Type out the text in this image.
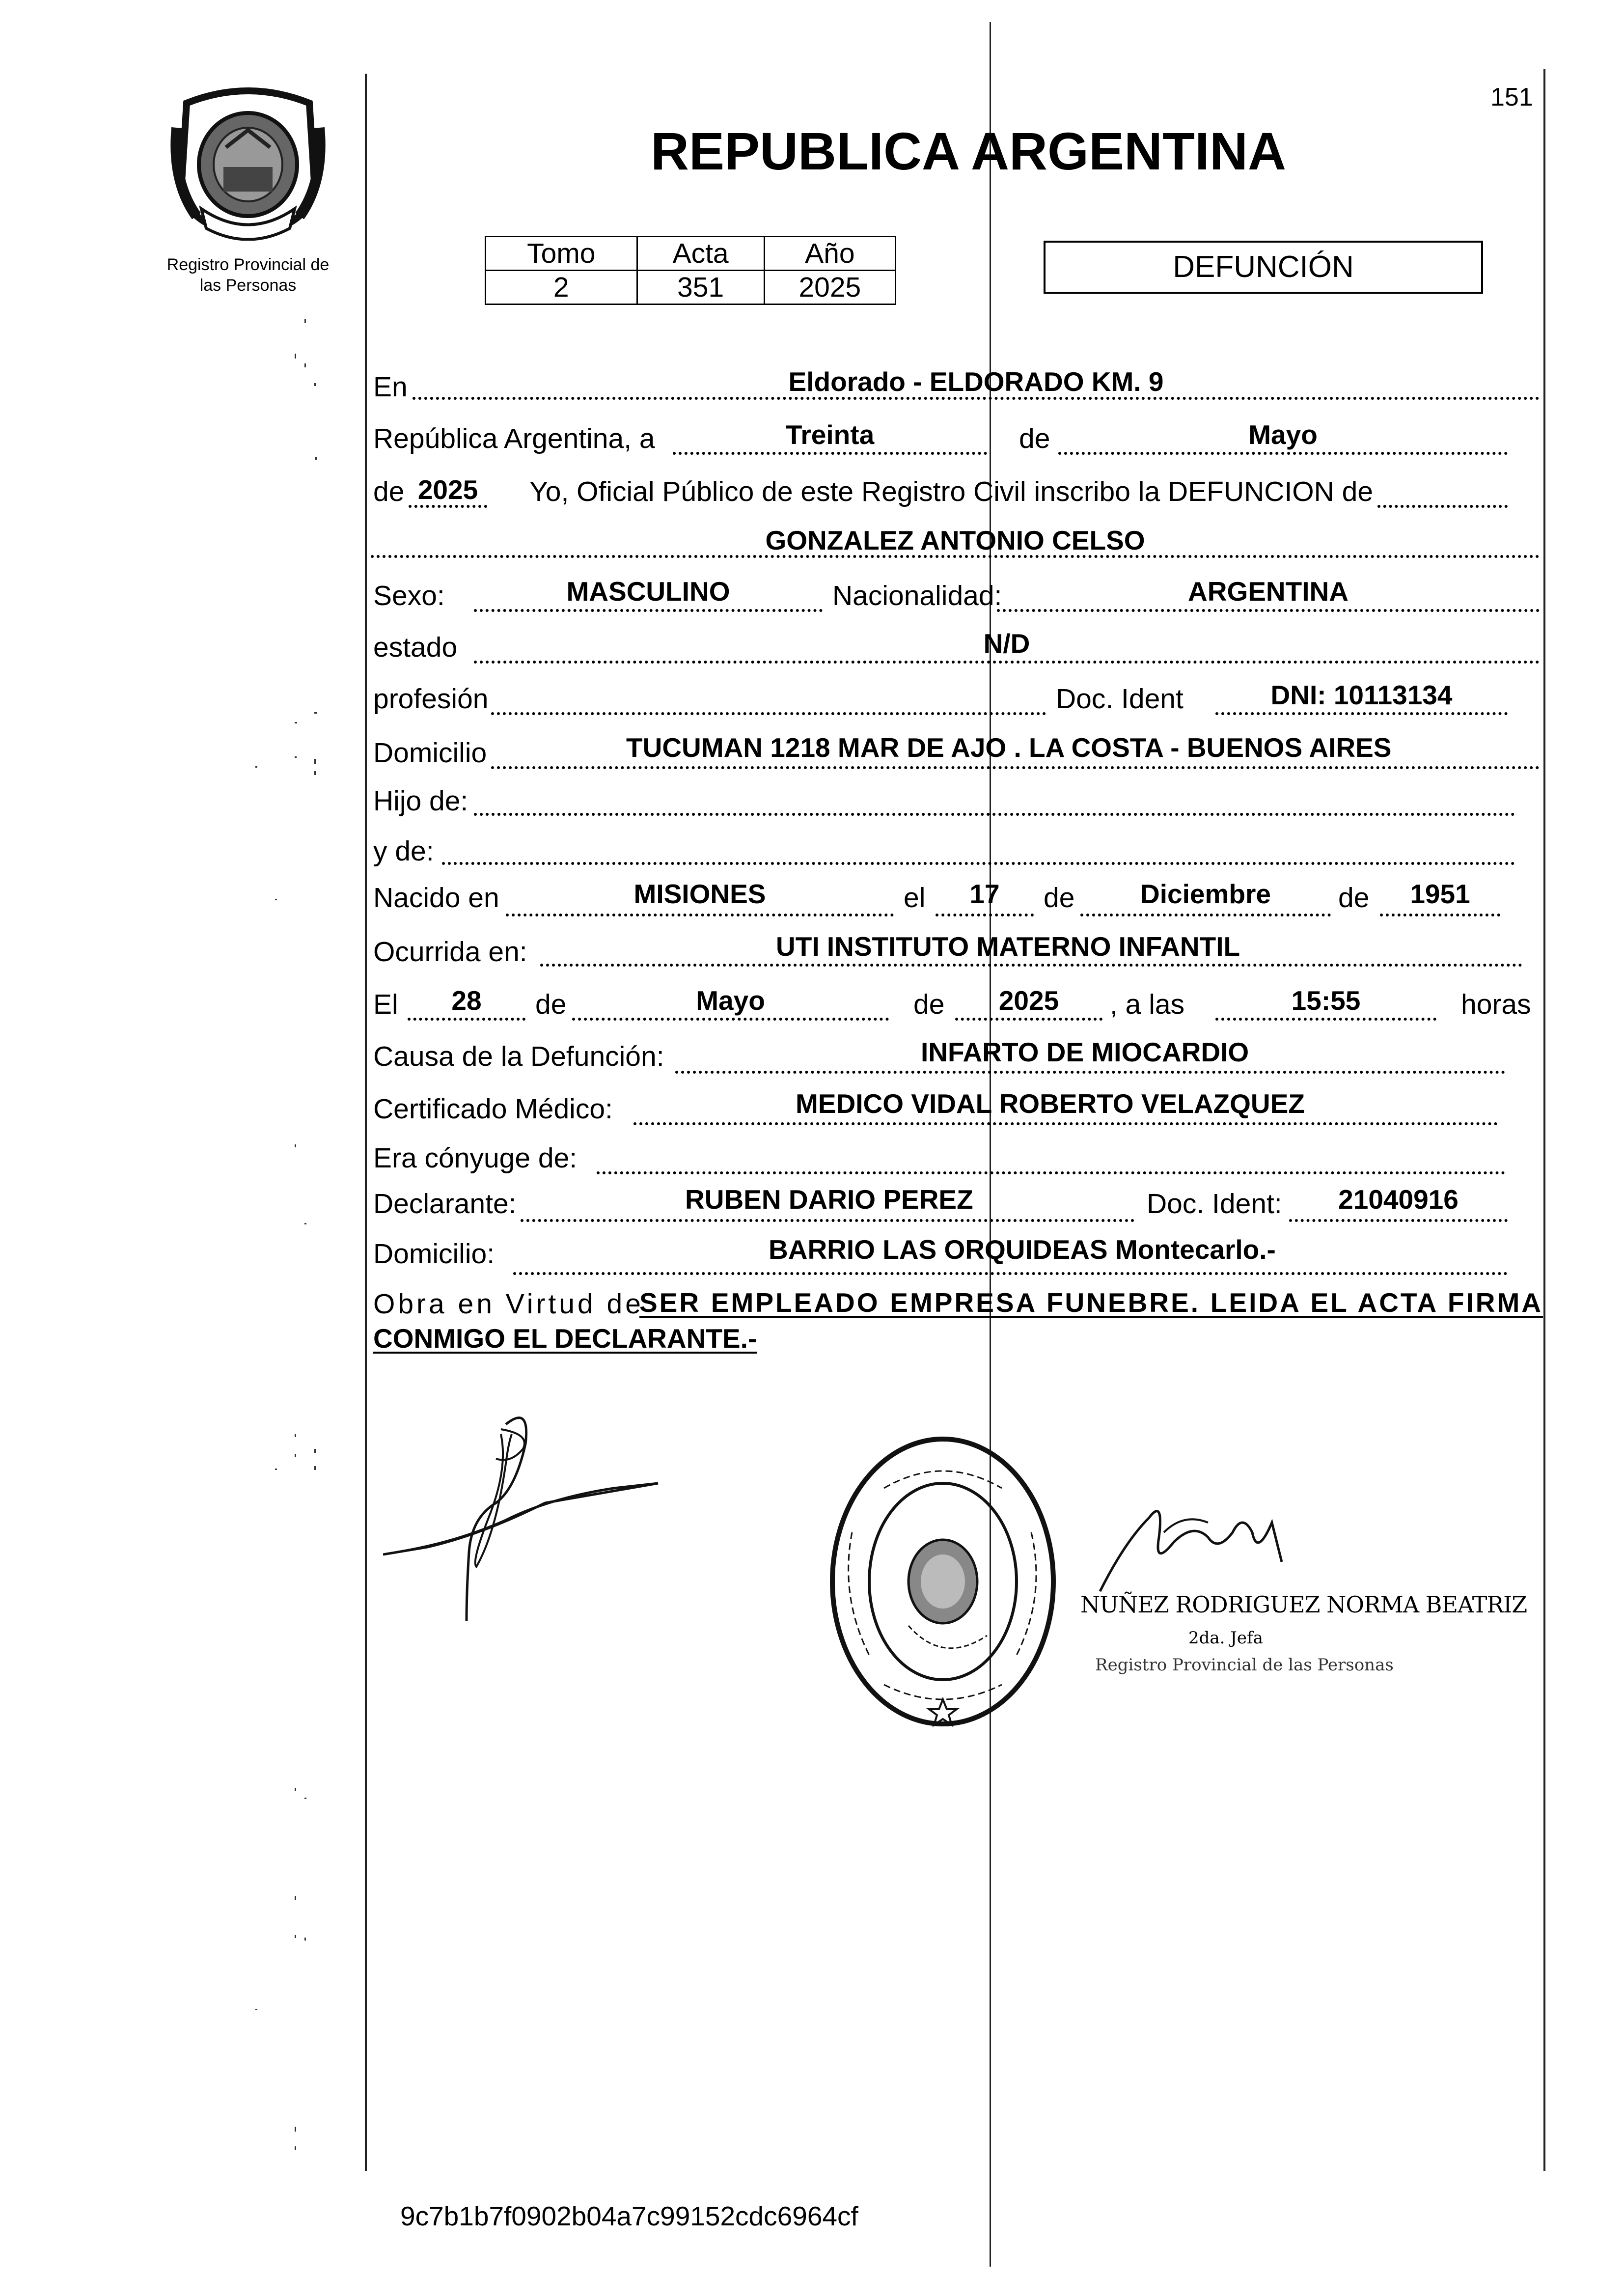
151
Registro Provincial de
las Personas
REPUBLICA ARGENTINA
Tomo	Acta	Año
2	351	2025
DEFUNCIÓN
En	Eldorado - ELDORADO KM. 9
República Argentina, a	Treinta	de	Mayo
de 2025	Yo, Oficial Público de este Registro Civil inscribo la DEFUNCION de
GONZALEZ ANTONIO CELSO
Sexo:	MASCULINO	Nacionalidad:	ARGENTINA
estado	N/D
profesión	Doc. Ident	DNI: 10113134
Domicilio	TUCUMAN 1218 MAR DE AJO . LA COSTA - BUENOS AIRES
Hijo de:
y de:
Nacido en	MISIONES	el	17	de	Diciembre	de	1951
Ocurrida en:	UTI INSTITUTO MATERNO INFANTIL
El	28	de	Mayo	de	2025	, a las	15:55	horas
Causa de la Defunción:	INFARTO DE MIOCARDIO
Certificado Médico:	MEDICO VIDAL ROBERTO VELAZQUEZ
Era cónyuge de:
Declarante:	RUBEN DARIO PEREZ	Doc. Ident:	21040916
Domicilio:	BARRIO LAS ORQUIDEAS Montecarlo.-
Obra en Virtud de
SER EMPLEADO EMPRESA FUNEBRE. LEIDA EL ACTA FIRMA
CONMIGO EL DECLARANTE.-
NUÑEZ RODRIGUEZ NORMA BEATRIZ
2da. Jefa
Registro Provincial de las Personas
9c7b1b7f0902b04a7c99152cdc6964cf
